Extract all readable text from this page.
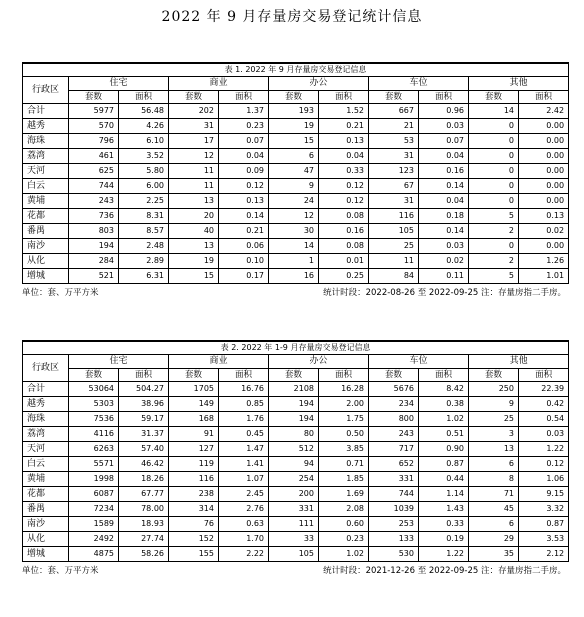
2022 年 9 月存量房交易登记统计信息
表 1. 2022 年 9 月存量房交易登记信息										
行政区	住宅		商业		办公		车位		其他	
	套数	面积	套数	面积	套数	面积	套数	面积	套数	面积
合计	5977	56.48	202	1.37	193	1.52	667	0.96	14	2.42
越秀	570	4.26	31	0.23	19	0.21	21	0.03	0	0.00
海珠	796	6.10	17	0.07	15	0.13	53	0.07	0	0.00
荔湾	461	3.52	12	0.04	6	0.04	31	0.04	0	0.00
天河	625	5.80	11	0.09	47	0.33	123	0.16	0	0.00
白云	744	6.00	11	0.12	9	0.12	67	0.14	0	0.00
黄埔	243	2.25	13	0.13	24	0.12	31	0.04	0	0.00
花都	736	8.31	20	0.14	12	0.08	116	0.18	5	0.13
番禺	803	8.57	40	0.21	30	0.16	105	0.14	2	0.02
南沙	194	2.48	13	0.06	14	0.08	25	0.03	0	0.00
从化	284	2.89	19	0.10	1	0.01	11	0.02	2	1.26
增城	521	6.31	15	0.17	16	0.25	84	0.11	5	1.01
单位：套、万平方米	统计时段：2022-08-26 至 2022-09-25 注：存量房指二手房。
表 2. 2022 年 1-9 月存量房交易登记信息										
行政区	住宅		商业		办公		车位		其他	
	套数	面积	套数	面积	套数	面积	套数	面积	套数	面积
合计	53064	504.27	1705	16.76	2108	16.28	5676	8.42	250	22.39
越秀	5303	38.96	149	0.85	194	2.00	234	0.38	9	0.42
海珠	7536	59.17	168	1.76	194	1.75	800	1.02	25	0.54
荔湾	4116	31.37	91	0.45	80	0.50	243	0.51	3	0.03
天河	6263	57.40	127	1.47	512	3.85	717	0.90	13	1.22
白云	5571	46.42	119	1.41	94	0.71	652	0.87	6	0.12
黄埔	1998	18.26	116	1.07	254	1.85	331	0.44	8	1.06
花都	6087	67.77	238	2.45	200	1.69	744	1.14	71	9.15
番禺	7234	78.00	314	2.76	331	2.08	1039	1.43	45	3.32
南沙	1589	18.93	76	0.63	111	0.60	253	0.33	6	0.87
从化	2492	27.74	152	1.70	33	0.23	133	0.19	29	3.53
增城	4875	58.26	155	2.22	105	1.02	530	1.22	35	2.12
单位：套、万平方米	统计时段：2021-12-26 至 2022-09-25 注：存量房指二手房。
